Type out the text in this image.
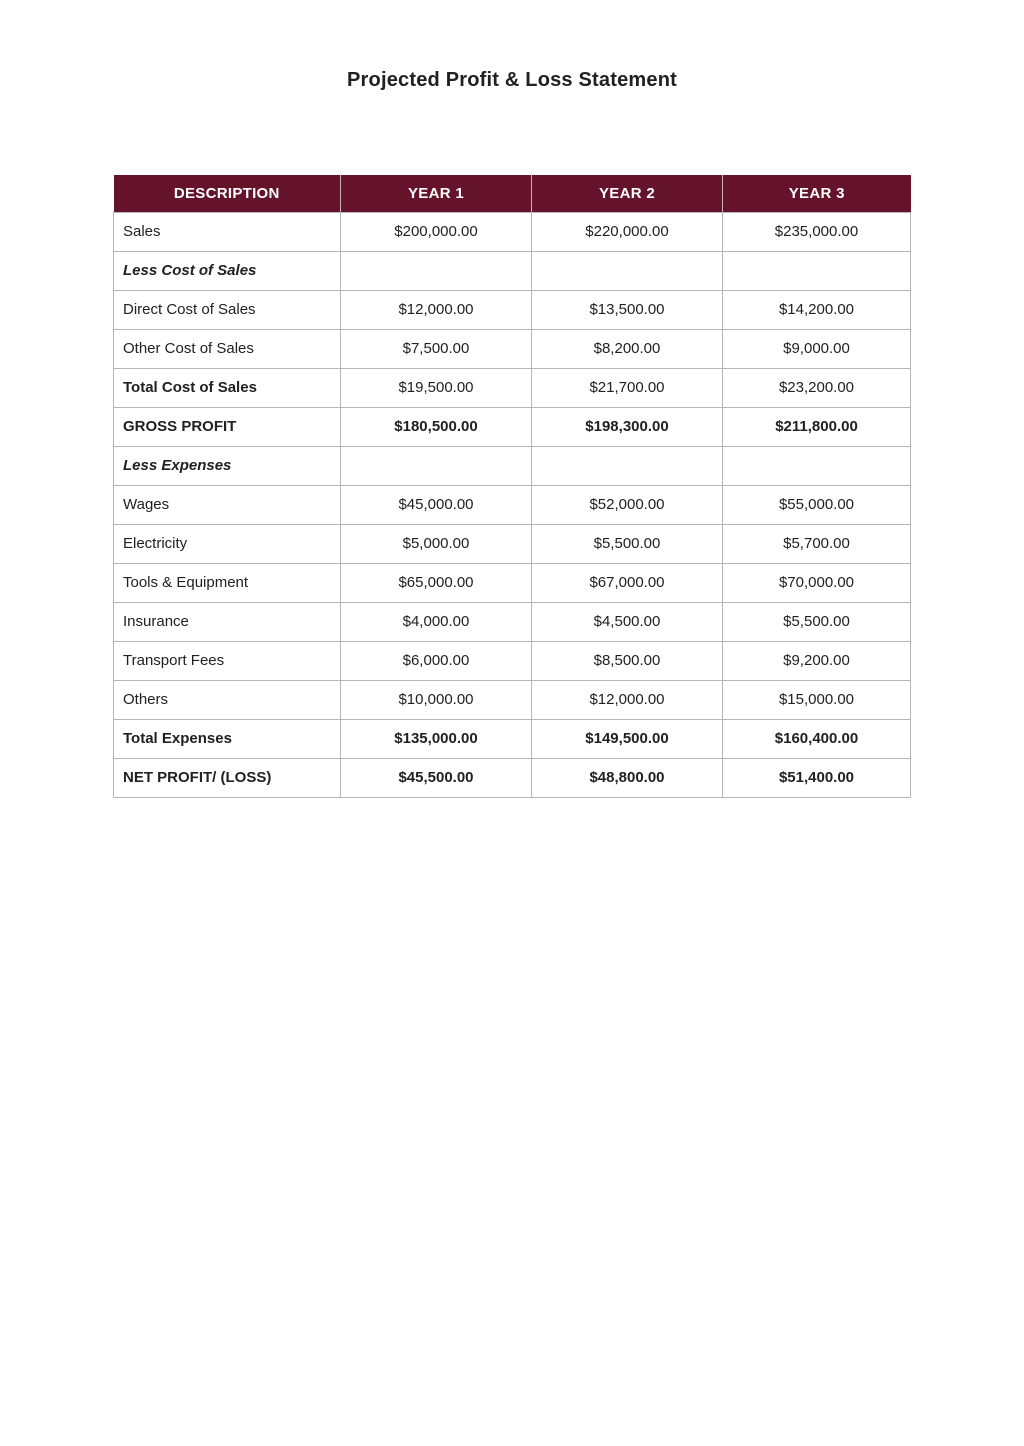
Projected Profit & Loss Statement
DESCRIPTION	YEAR 1	YEAR 2	YEAR 3
Sales	$200,000.00	$220,000.00	$235,000.00
Less Cost of Sales			
Direct Cost of Sales	$12,000.00	$13,500.00	$14,200.00
Other Cost of Sales	$7,500.00	$8,200.00	$9,000.00
Total Cost of Sales	$19,500.00	$21,700.00	$23,200.00
GROSS PROFIT	$180,500.00	$198,300.00	$211,800.00
Less Expenses			
Wages	$45,000.00	$52,000.00	$55,000.00
Electricity	$5,000.00	$5,500.00	$5,700.00
Tools & Equipment	$65,000.00	$67,000.00	$70,000.00
Insurance	$4,000.00	$4,500.00	$5,500.00
Transport Fees	$6,000.00	$8,500.00	$9,200.00
Others	$10,000.00	$12,000.00	$15,000.00
Total Expenses	$135,000.00	$149,500.00	$160,400.00
NET PROFIT/ (LOSS)	$45,500.00	$48,800.00	$51,400.00
